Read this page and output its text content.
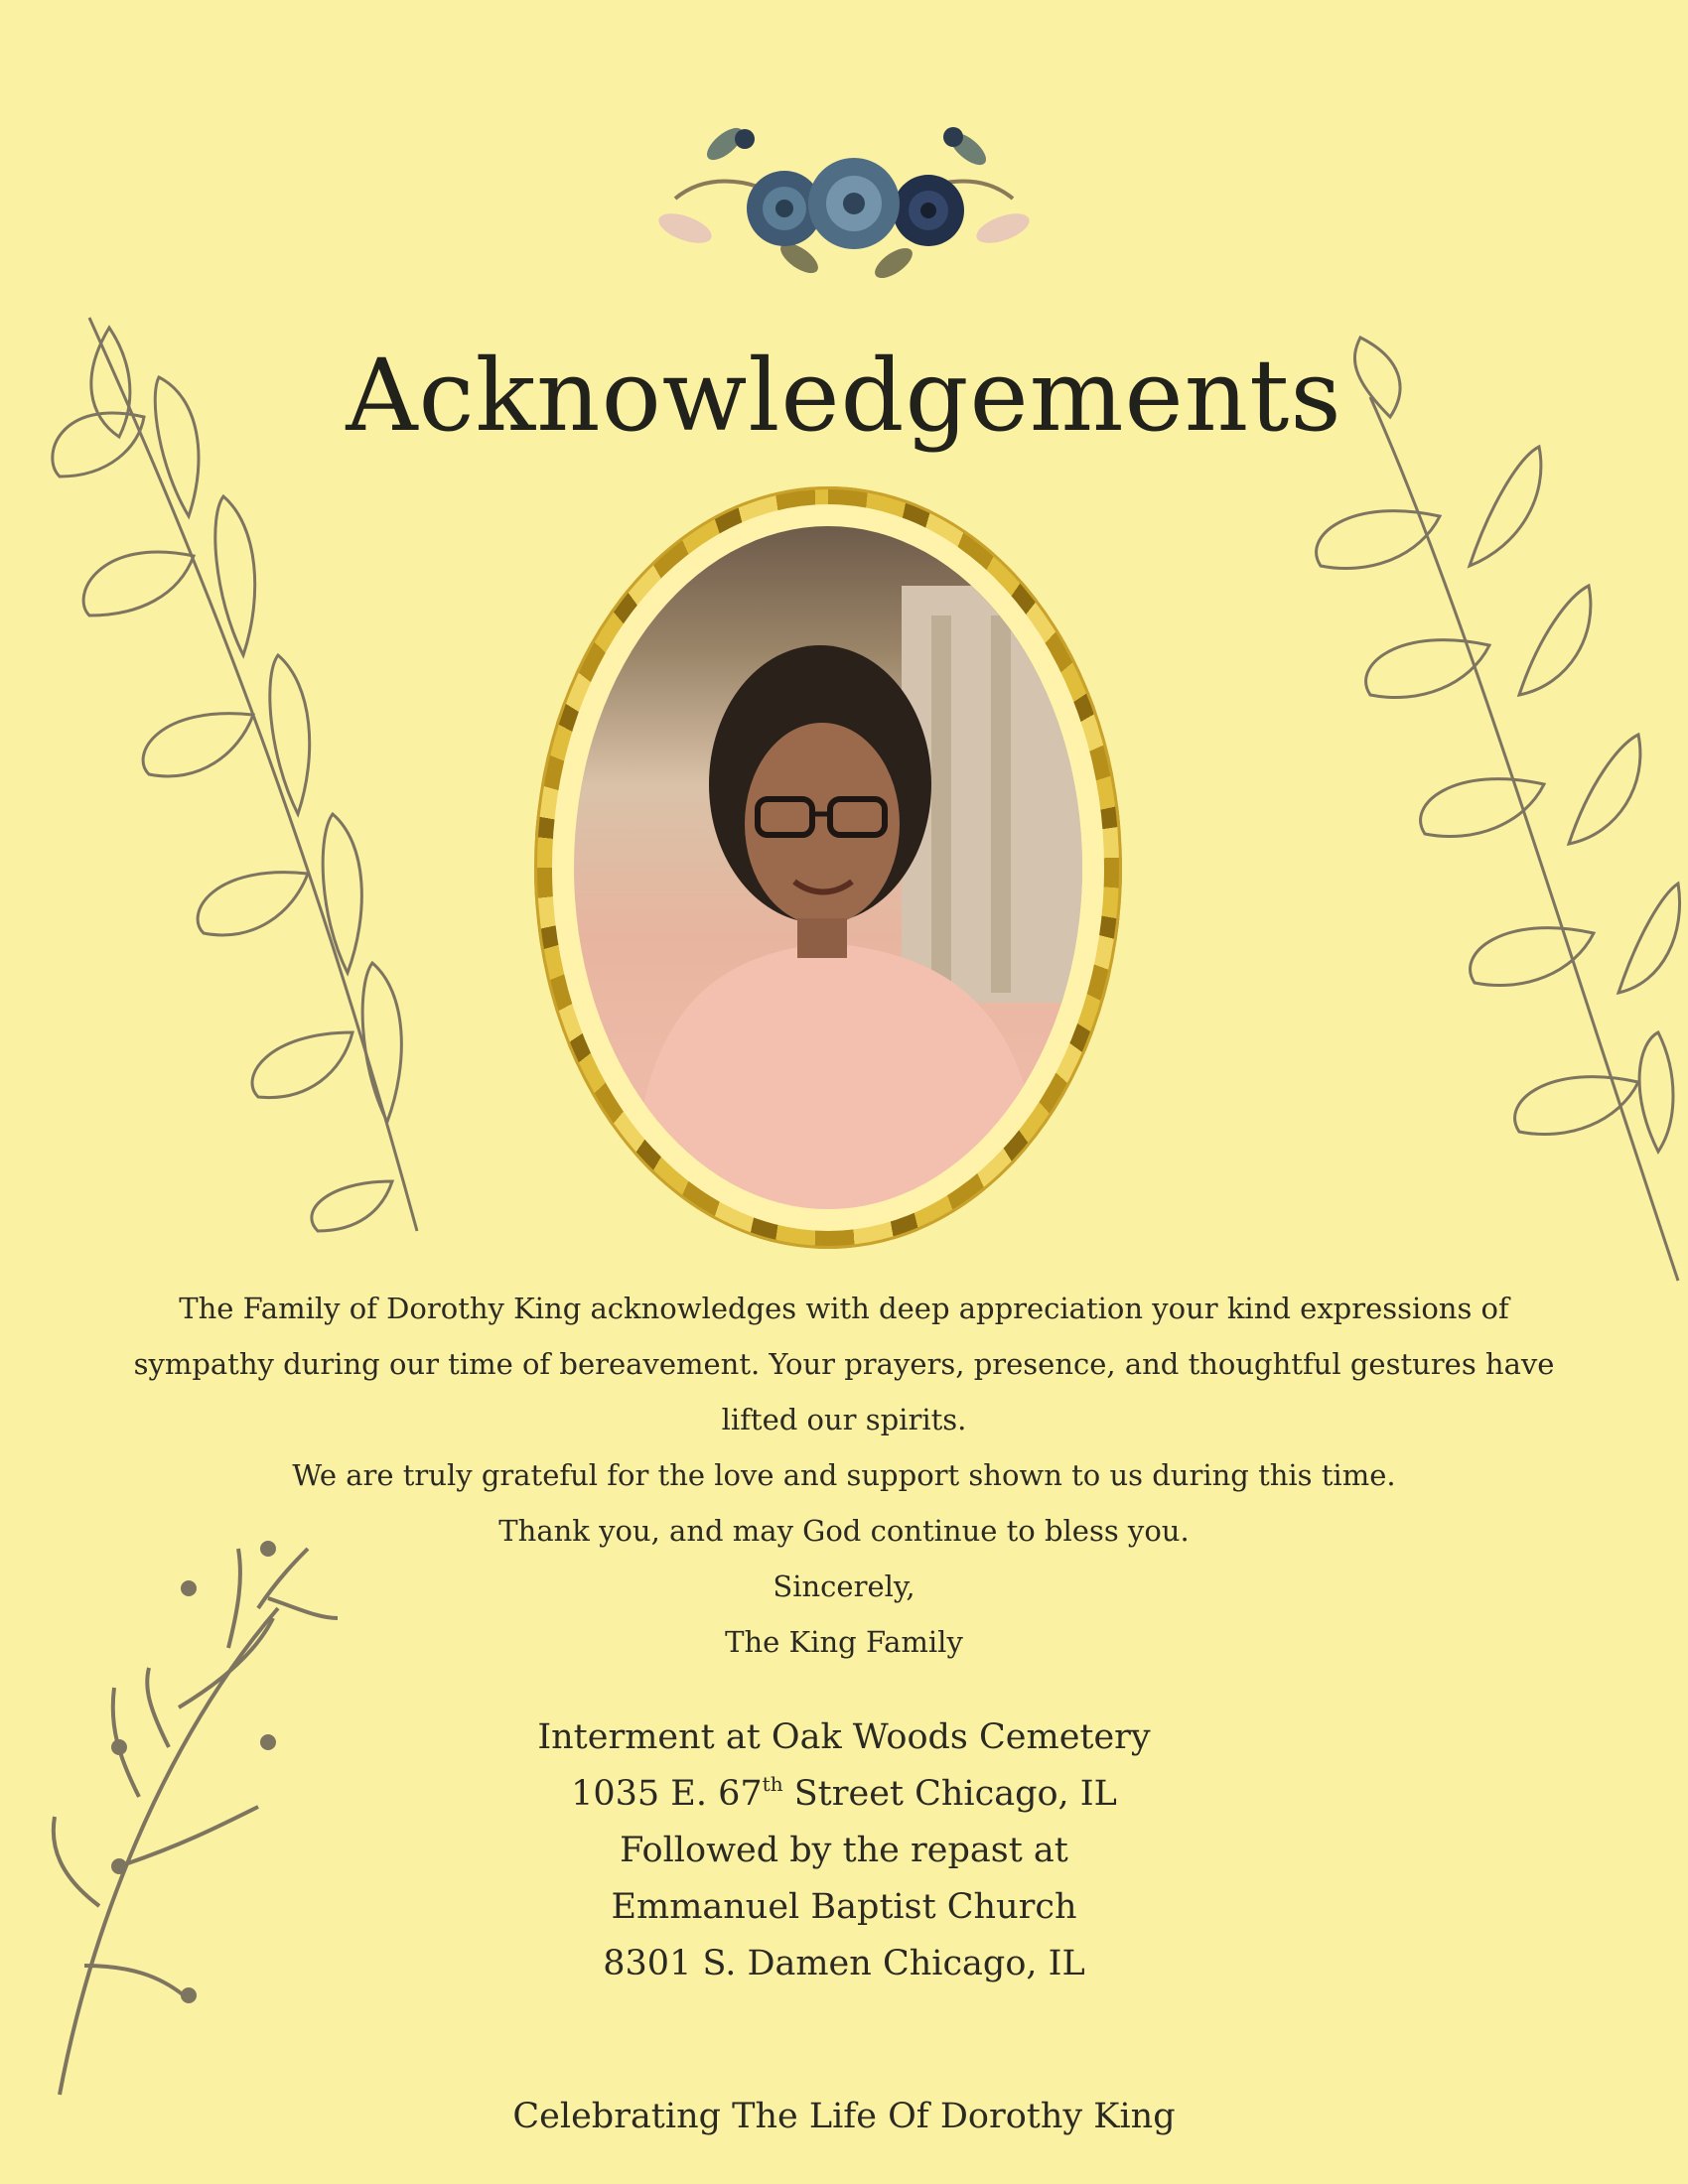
Acknowledgements

The Family of Dorothy King acknowledges with deep appreciation your kind expressions of sympathy during our time of bereavement. Your prayers, presence, and thoughtful gestures have lifted our spirits.

We are truly grateful for the love and support shown to us during this time.

Thank you, and may God continue to bless you.

Sincerely,

The King Family

Interment at Oak Woods Cemetery

1035 E. 67th Street Chicago, IL

Followed by the repast at

Emmanuel Baptist Church

8301 S. Damen Chicago, IL

Celebrating The Life Of Dorothy King
